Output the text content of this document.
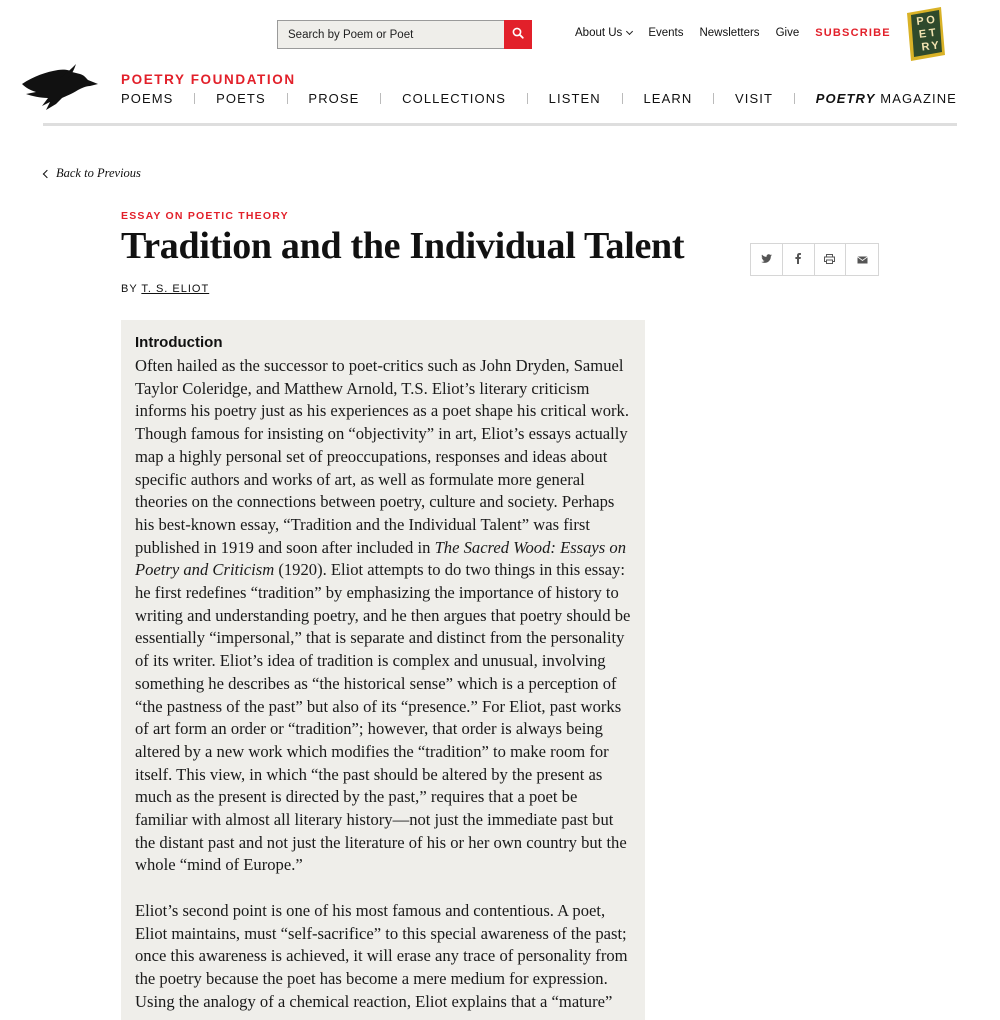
Search by Poem or Poet
About Us Events Newsletters Give SUBSCRIBE
P O
E T
R Y
POETRY FOUNDATION
POEMS	POETS	PROSE	COLLECTIONS	LISTEN	LEARN	VISIT	POETRY MAGAZINE
Back to Previous
ESSAY ON POETIC THEORY
Tradition and the Individual Talent
BY T. S. ELIOT
Introduction

Often hailed as the successor to poet-critics such as John Dryden, Samuel Taylor Coleridge, and Matthew Arnold, T.S. Eliot’s literary criticism informs his poetry just as his experiences as a poet shape his critical work. Though famous for insisting on “objectivity” in art, Eliot’s essays actually map a highly personal set of preoccupations, responses and ideas about specific authors and works of art, as well as formulate more general theories on the connections between poetry, culture and society. Perhaps his best-known essay, “Tradition and the Individual Talent” was first published in 1919 and soon after included in The Sacred Wood: Essays on Poetry and Criticism (1920). Eliot attempts to do two things in this essay: he first redefines “tradition” by emphasizing the importance of history to writing and understanding poetry, and he then argues that poetry should be essentially “impersonal,” that is separate and distinct from the personality of its writer. Eliot’s idea of tradition is complex and unusual, involving something he describes as “the historical sense” which is a perception of “the pastness of the past” but also of its “presence.” For Eliot, past works of art form an order or “tradition”; however, that order is always being altered by a new work which modifies the “tradition” to make room for itself. This view, in which “the past should be altered by the present as much as the present is directed by the past,” requires that a poet be familiar with almost all literary history—not just the immediate past but the distant past and not just the literature of his or her own country but the whole “mind of Europe.”

Eliot’s second point is one of his most famous and contentious. A poet, Eliot maintains, must “self-sacrifice” to this special awareness of the past; once this awareness is achieved, it will erase any trace of personality from the poetry because the poet has become a mere medium for expression. Using the analogy of a chemical reaction, Eliot explains that a “mature”
